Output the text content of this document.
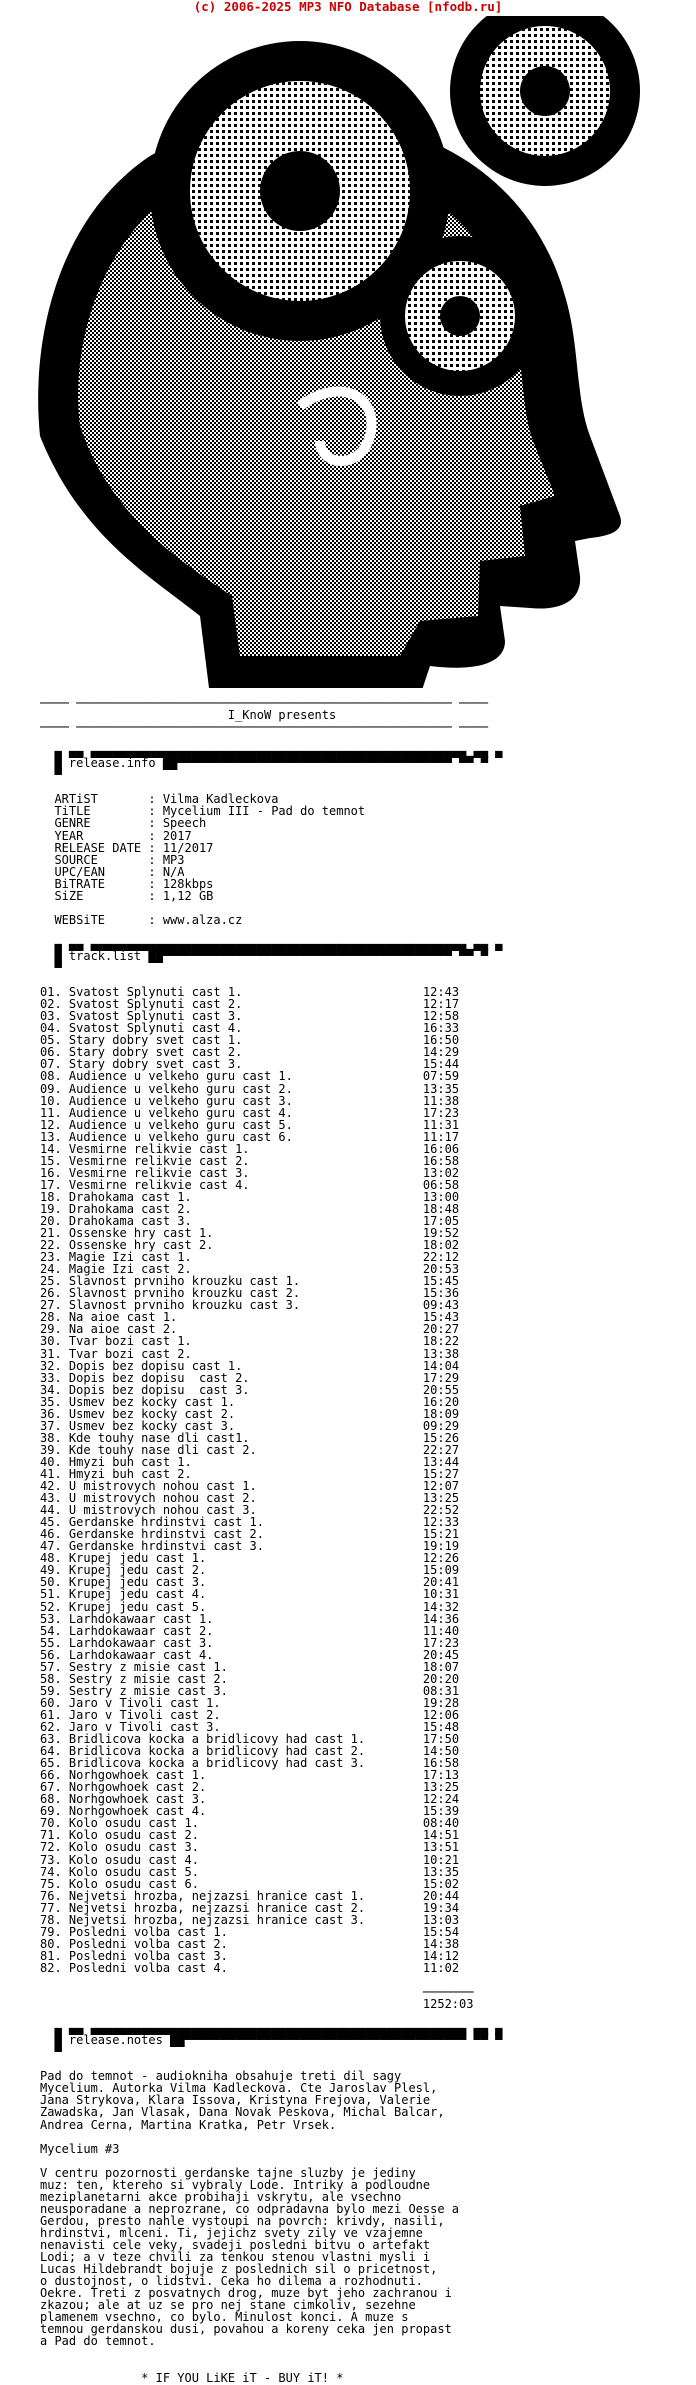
(c) 2006-2025 MP3 NFO Database [nfodb.ru]
──── ──────────────────────────────────────────────────── ────
I_KnoW presents
──── ──────────────────────────────────────────────────── ────

▄ ▄▄ ▄▄▄▄▄▄▄▄▄▄▄▄▄▄▄▄▄▄▄▄▄▄▄▄▄▄▄▄▄▄▄▄▄▄▄▄▄▄▄▄▄▄▄▄▄▄▄▄▄▄▄▄ ▄▄ ▄
█ release.info ██▀▀▀▀▀▀▀▀▀▀▀▀▀▀▀▀▀▀▀▀▀▀▀▀▀▀▀▀▀▀▀▀▀▀▀▀▀▀ ▀▀ ▀
▀

ARTiST       : Vilma Kadleckova
TiTLE        : Mycelium III - Pad do temnot
GENRE        : Speech
YEAR         : 2017
RELEASE DATE : 11/2017
SOURCE       : MP3
UPC/EAN      : N/A
BiTRATE      : 128kbps
SiZE         : 1,12 GB

WEBSiTE      : www.alza.cz

▄ ▄▄ ▄▄▄▄▄▄▄▄▄▄▄▄▄▄▄▄▄▄▄▄▄▄▄▄▄▄▄▄▄▄▄▄▄▄▄▄▄▄▄▄▄▄▄▄▄▄▄▄▄▄▄▄ ▄▄ ▄
█ track.list ██▀▀▀▀▀▀▀▀▀▀▀▀▀▀▀▀▀▀▀▀▀▀▀▀▀▀▀▀▀▀▀▀▀▀▀▀▀▀▀▀ ▀▀ ▀
▀

01. Svatost Splynuti cast 1.                         12:43
02. Svatost Splynuti cast 2.                         12:17
03. Svatost Splynuti cast 3.                         12:58
04. Svatost Splynuti cast 4.                         16:33
05. Stary dobry svet cast 1.                         16:50
06. Stary dobry svet cast 2.                         14:29
07. Stary dobry svet cast 3.                         15:44
08. Audience u velkeho guru cast 1.                  07:59
09. Audience u velkeho guru cast 2.                  13:35
10. Audience u velkeho guru cast 3.                  11:38
11. Audience u velkeho guru cast 4.                  17:23
12. Audience u velkeho guru cast 5.                  11:31
13. Audience u velkeho guru cast 6.                  11:17
14. Vesmirne relikvie cast 1.                        16:06
15. Vesmirne relikvie cast 2.                        16:58
16. Vesmirne relikvie cast 3.                        13:02
17. Vesmirne relikvie cast 4.                        06:58
18. Drahokama cast 1.                                13:00
19. Drahokama cast 2.                                18:48
20. Drahokama cast 3.                                17:05
21. Ossenske hry cast 1.                             19:52
22. Ossenske hry cast 2.                             18:02
23. Magie Izi cast 1.                                22:12
24. Magie Izi cast 2.                                20:53
25. Slavnost prvniho krouzku cast 1.                 15:45
26. Slavnost prvniho krouzku cast 2.                 15:36
27. Slavnost prvniho krouzku cast 3.                 09:43
28. Na aioe cast 1.                                  15:43
29. Na aioe cast 2.                                  20:27
30. Tvar bozi cast 1.                                18:22
31. Tvar bozi cast 2.                                13:38
32. Dopis bez dopisu cast 1.                         14:04
33. Dopis bez dopisu  cast 2.                        17:29
34. Dopis bez dopisu  cast 3.                        20:55
35. Usmev bez kocky cast 1.                          16:20
36. Usmev bez kocky cast 2.                          18:09
37. Usmev bez kocky cast 3.                          09:29
38. Kde touhy nase dli cast1.                        15:26
39. Kde touhy nase dli cast 2.                       22:27
40. Hmyzi buh cast 1.                                13:44
41. Hmyzi buh cast 2.                                15:27
42. U mistrovych nohou cast 1.                       12:07
43. U mistrovych nohou cast 2.                       13:25
44. U mistrovych nohou cast 3.                       22:52
45. Gerdanske hrdinstvi cast 1.                      12:33
46. Gerdanske hrdinstvi cast 2.                      15:21
47. Gerdanske hrdinstvi cast 3.                      19:19
48. Krupej jedu cast 1.                              12:26
49. Krupej jedu cast 2.                              15:09
50. Krupej jedu cast 3.                              20:41
51. Krupej jedu cast 4.                              10:31
52. Krupej jedu cast 5.                              14:32
53. Larhdokawaar cast 1.                             14:36
54. Larhdokawaar cast 2.                             11:40
55. Larhdokawaar cast 3.                             17:23
56. Larhdokawaar cast 4.                             20:45
57. Sestry z misie cast 1.                           18:07
58. Sestry z misie cast 2.                           20:20
59. Sestry z misie cast 3.                           08:31
60. Jaro v Tivoli cast 1.                            19:28
61. Jaro v Tivoli cast 2.                            12:06
62. Jaro v Tivoli cast 3.                            15:48
63. Bridlicova kocka a bridlicovy had cast 1.        17:50
64. Bridlicova kocka a bridlicovy had cast 2.        14:50
65. Bridlicova kocka a bridlicovy had cast 3.        16:58
66. Norhgowhoek cast 1.                              17:13
67. Norhgowhoek cast 2.                              13:25
68. Norhgowhoek cast 3.                              12:24
69. Norhgowhoek cast 4.                              15:39
70. Kolo osudu cast 1.                               08:40
71. Kolo osudu cast 2.                               14:51
72. Kolo osudu cast 3.                               13:51
73. Kolo osudu cast 4.                               10:21
74. Kolo osudu cast 5.                               13:35
75. Kolo osudu cast 6.                               15:02
76. Nejvetsi hrozba, nejzazsi hranice cast 1.        20:44
77. Nejvetsi hrozba, nejzazsi hranice cast 2.        19:34
78. Nejvetsi hrozba, nejzazsi hranice cast 3.        13:03
79. Posledni volba cast 1.                           15:54
80. Posledni volba cast 2.                           14:38
81. Posledni volba cast 3.                           14:12
82. Posledni volba cast 4.                           11:02

───────
1252:03

▄ ▄▄ ▄▄▄▄▄▄▄▄▄▄▄▄▄▄▄▄▄▄▄▄▄▄▄▄▄▄▄▄▄▄▄▄▄▄▄▄▄▄▄▄▄▄▄▄▄▄▄▄▄▄▄▄ ▄▄ ▄
█ release.notes ██▀▀▀▀▀▀▀▀▀▀▀▀▀▀▀▀▀▀▀▀▀▀▀▀▀▀▀▀▀▀▀▀▀▀▀▀▀▀▀ ▀▀ ▀
▀

Pad do temnot - audiokniha obsahuje treti dil sagy
Mycelium. Autorka Vilma Kadleckova. Cte Jaroslav Plesl,
Jana Strykova, Klara Issova, Kristyna Frejova, Valerie
Zawadska, Jan Vlasak, Dana Novak Peskova, Michal Balcar,
Andrea Cerna, Martina Kratka, Petr Vrsek.

Mycelium #3

V centru pozornosti gerdanske tajne sluzby je jediny
muz: ten, ktereho si vybraly Lode. Intriky a podloudne
meziplanetarni akce probihaji vskrytu, ale vsechno
neusporadane a neprozrane, co odpradavna bylo mezi Oesse a
Gerdou, presto nahle vystoupi na povrch: krivdy, nasili,
hrdinstvi, mlceni. Ti, jejichz svety zily ve vzajemne
nenavisti cele veky, svadeji posledni bitvu o artefakt
Lodi; a v teze chvili za tenkou stenou vlastni mysli i
Lucas Hildebrandt bojuje z poslednich sil o pricetnost,
o dustojnost, o lidstvi. Ceka ho dilema a rozhodnuti.
Oekre. Treti z posvatnych drog, muze byt jeho zachranou i
zkazou; ale at uz se pro nej stane cimkoliv, sezehne
plamenem vsechno, co bylo. Minulost konci. A muze s
temnou gerdanskou dusi, povahou a koreny ceka jen propast
a Pad do temnot.

* IF YOU LiKE iT - BUY iT! *
